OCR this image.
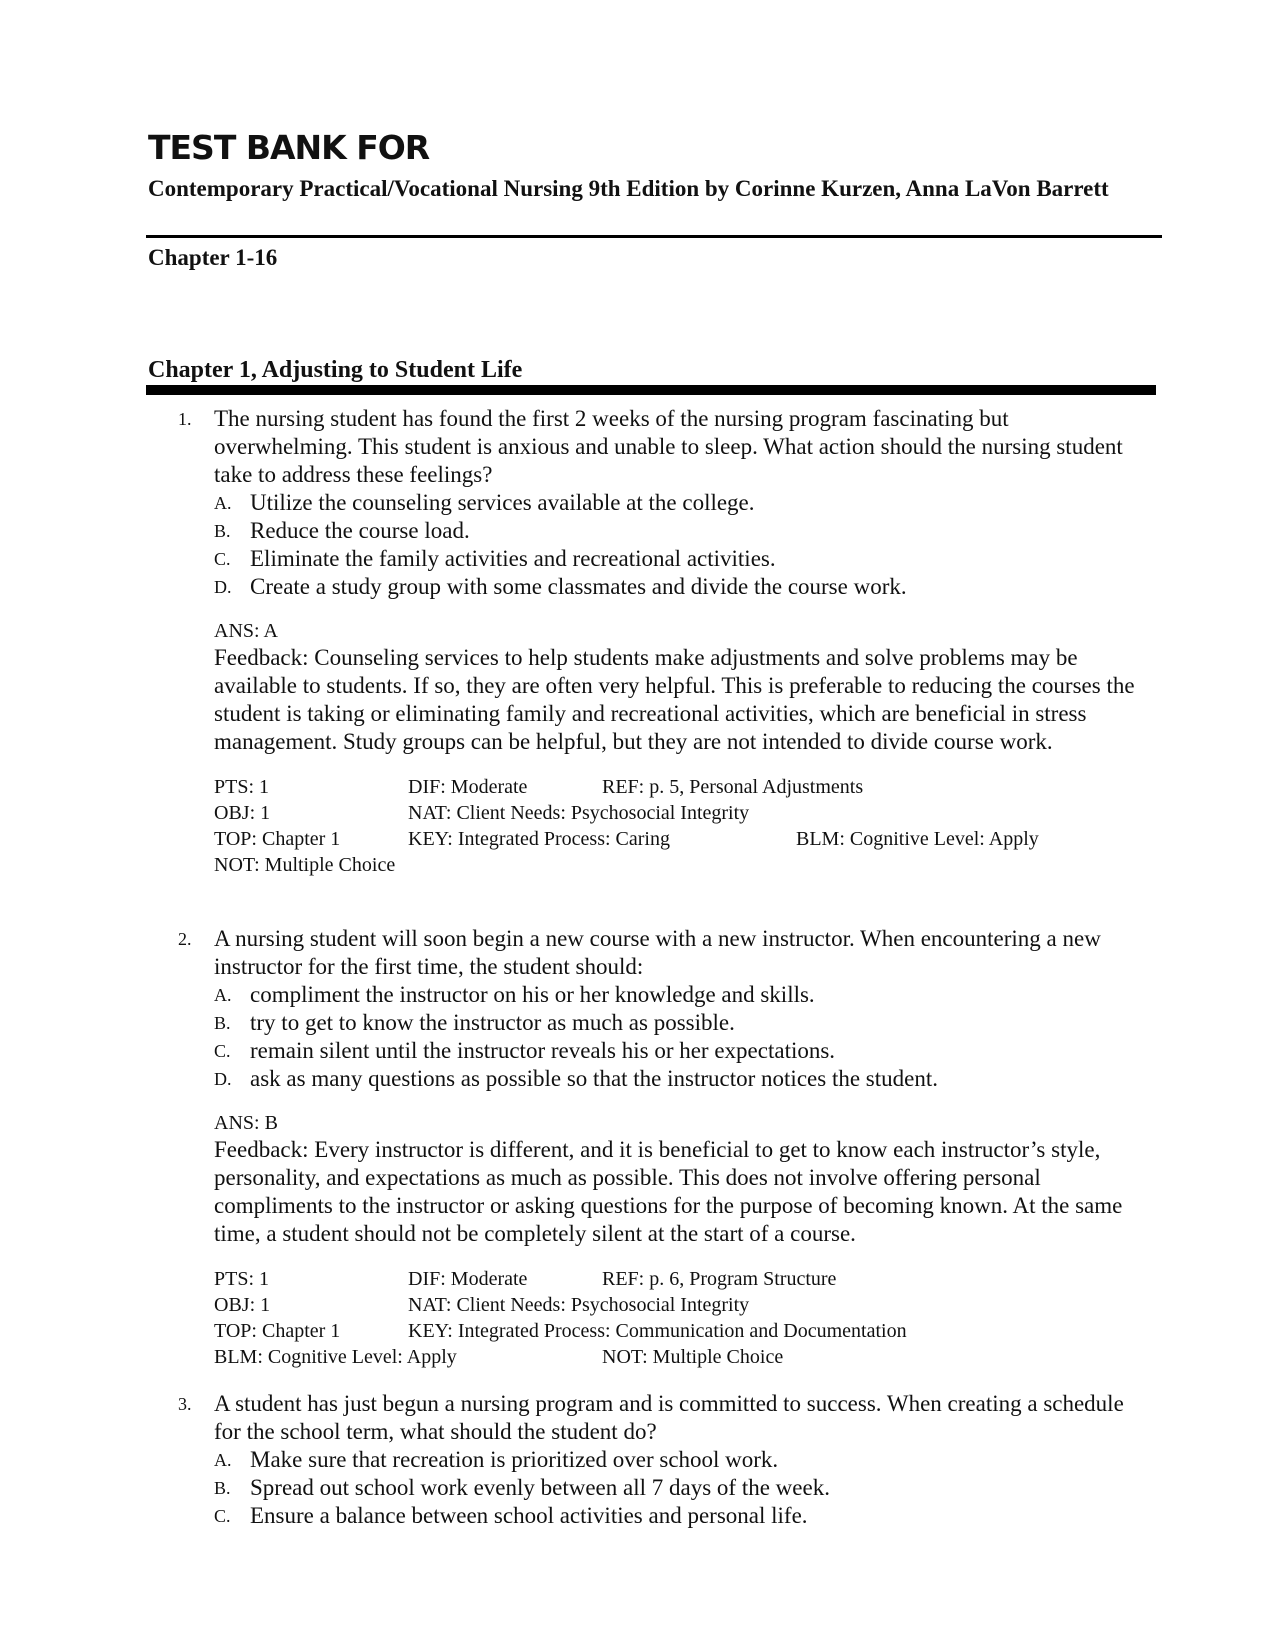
TEST BANK FOR
Contemporary Practical/Vocational Nursing 9th Edition by Corinne Kurzen, Anna LaVon Barrett
Chapter 1-16
Chapter 1, Adjusting to Student Life
1. The nursing student has found the first 2 weeks of the nursing program fascinating but overwhelming. This student is anxious and unable to sleep. What action should the nursing student take to address these feelings?
A. Utilize the counseling services available at the college.
B. Reduce the course load.
C. Eliminate the family activities and recreational activities.
D. Create a study group with some classmates and divide the course work.
ANS: A
Feedback: Counseling services to help students make adjustments and solve problems may be available to students. If so, they are often very helpful. This is preferable to reducing the courses the student is taking or eliminating family and recreational activities, which are beneficial in stress management. Study groups can be helpful, but they are not intended to divide course work.
PTS: 1	DIF: Moderate	REF: p. 5, Personal Adjustments
OBJ: 1	NAT: Client Needs: Psychosocial Integrity
TOP: Chapter 1	KEY: Integrated Process: Caring	BLM: Cognitive Level: Apply
NOT: Multiple Choice
2. A nursing student will soon begin a new course with a new instructor. When encountering a new instructor for the first time, the student should:
A. compliment the instructor on his or her knowledge and skills.
B. try to get to know the instructor as much as possible.
C. remain silent until the instructor reveals his or her expectations.
D. ask as many questions as possible so that the instructor notices the student.
ANS: B
Feedback: Every instructor is different, and it is beneficial to get to know each instructor’s style, personality, and expectations as much as possible. This does not involve offering personal compliments to the instructor or asking questions for the purpose of becoming known. At the same time, a student should not be completely silent at the start of a course.
PTS: 1	DIF: Moderate	REF: p. 6, Program Structure
OBJ: 1	NAT: Client Needs: Psychosocial Integrity
TOP: Chapter 1	KEY: Integrated Process: Communication and Documentation
BLM: Cognitive Level: Apply	NOT: Multiple Choice
3. A student has just begun a nursing program and is committed to success. When creating a schedule for the school term, what should the student do?
A. Make sure that recreation is prioritized over school work.
B. Spread out school work evenly between all 7 days of the week.
C. Ensure a balance between school activities and personal life.
